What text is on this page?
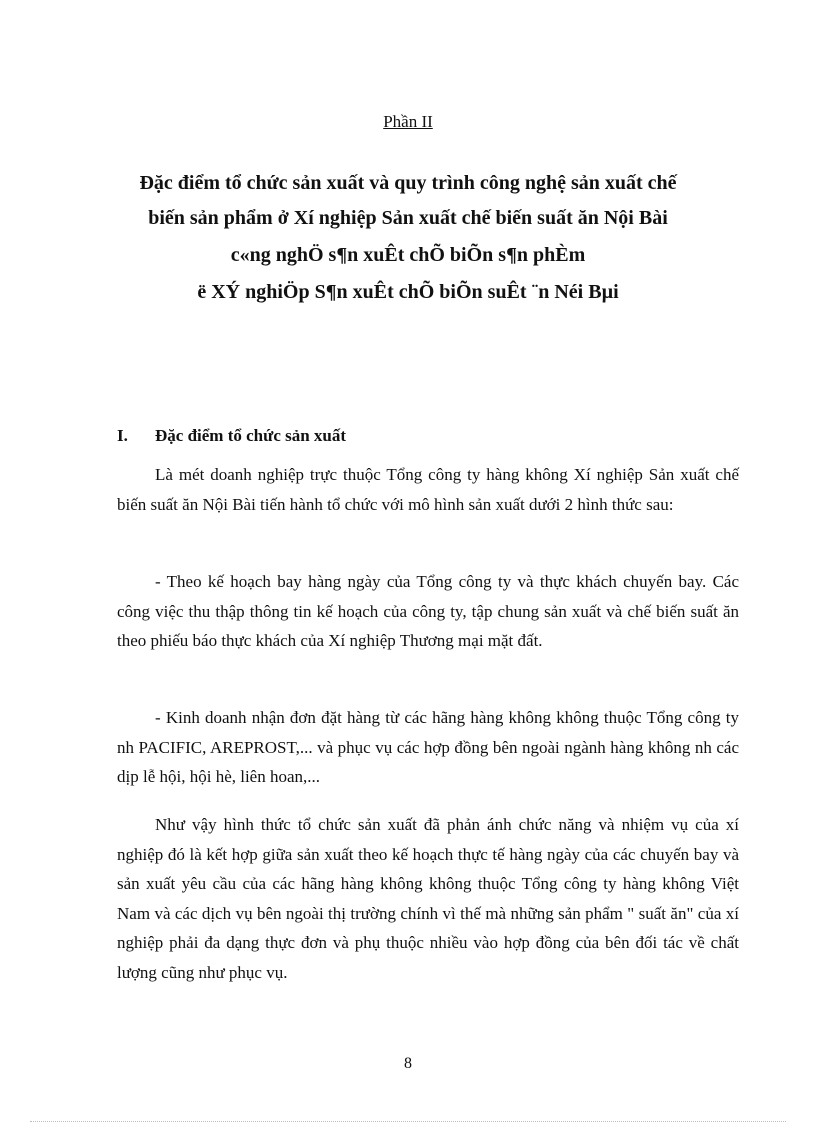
Phần II
Đặc điểm tổ chức sản xuất và quy trình công nghệ sản xuất chế
biến sản phẩm ở Xí nghiệp Sản xuất chế biến suất ăn Nội Bài
c«ng nghÖ s¶n xuÊt chÕ biÕn s¶n phÈm
ë XÝ nghiÖp S¶n xuÊt chÕ biÕn suÊt ¨n Néi Bµi
I. Đặc điểm tổ chức sản xuất

Là mét doanh nghiệp trực thuộc Tổng công ty hàng không Xí nghiệp Sản xuất chế biến suất ăn Nội Bài tiến hành tổ chức với mô hình sản xuất dưới 2 hình thức sau:

- Theo kế hoạch bay hàng ngày của Tổng công ty và thực khách chuyến bay. Các công việc thu thập thông tin kế hoạch của công ty, tập chung sản xuất và chế biến suất ăn theo phiếu báo thực khách của Xí nghiệp Thương mại mặt đất.

- Kinh doanh nhận đơn đặt hàng từ các hãng hàng không không thuộc Tổng công ty nh PACIFIC, AREPROST,... và phục vụ các hợp đồng bên ngoài ngành hàng không nh các dịp lễ hội, hội hè, liên hoan,...

Như vậy hình thức tổ chức sản xuất đã phản ánh chức năng và nhiệm vụ của xí nghiệp đó là kết hợp giữa sản xuất theo kế hoạch thực tế hàng ngày của các chuyến bay và sản xuất yêu cầu của các hãng hàng không không thuộc Tổng công ty hàng không Việt Nam và các dịch vụ bên ngoài thị trường chính vì thế mà những sản phẩm " suất ăn" của xí nghiệp phải đa dạng thực đơn và phụ thuộc nhiều vào hợp đồng của bên đối tác về chất lượng cũng như phục vụ.

8
